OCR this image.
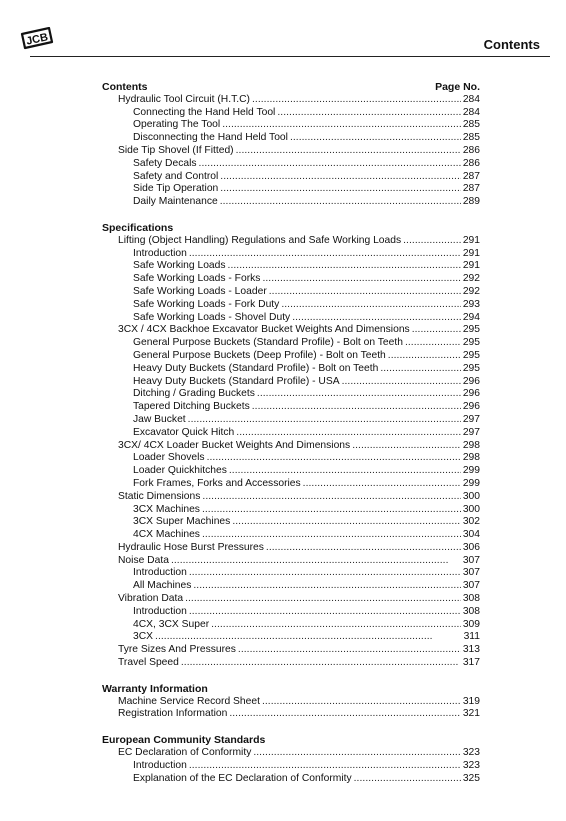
JCB	Contents
Contents	Page No.
Hydraulic Tool Circuit (H.T.C) . . .	284
Connecting the Hand Held Tool . . .	284
Operating The Tool . . .	285
Disconnecting the Hand Held Tool . . .	285
Side Tip Shovel (If Fitted) . . .	286
Safety Decals . . .	286
Safety and Control . . .	287
Side Tip Operation . . .	287
Daily Maintenance . . .	289
Specifications
Lifting (Object Handling) Regulations and Safe Working Loads . . .	291
Introduction . . .	291
Safe Working Loads . . .	291
Safe Working Loads - Forks . . .	292
Safe Working Loads - Loader . . .	292
Safe Working Loads - Fork Duty . . .	293
Safe Working Loads - Shovel Duty . . .	294
3CX / 4CX Backhoe Excavator Bucket Weights And Dimensions . . .	295
General Purpose Buckets (Standard Profile) - Bolt on Teeth . . .	295
General Purpose Buckets (Deep Profile) - Bolt on Teeth . . .	295
Heavy Duty Buckets (Standard Profile) - Bolt on Teeth . . .	295
Heavy Duty Buckets (Standard Profile) - USA . . .	296
Ditching / Grading Buckets . . .	296
Tapered Ditching Buckets . . .	296
Jaw Bucket . . .	297
Excavator Quick Hitch . . .	297
3CX/ 4CX Loader Bucket Weights And Dimensions . . .	298
Loader Shovels . . .	298
Loader Quickhitches . . .	299
Fork Frames, Forks and Accessories . . .	299
Static Dimensions . . .	300
3CX Machines . . .	300
3CX Super Machines . . .	302
4CX Machines . . .	304
Hydraulic Hose Burst Pressures . . .	306
Noise Data . . .	307
Introduction . . .	307
All Machines . . .	307
Vibration Data . . .	308
Introduction . . .	308
4CX, 3CX Super . . .	309
3CX . . .	311
Tyre Sizes And Pressures . . .	313
Travel Speed . . .	317
Warranty Information
Machine Service Record Sheet . . .	319
Registration Information . . .	321
European Community Standards
EC Declaration of Conformity . . .	323
Introduction . . .	323
Explanation of the EC Declaration of Conformity . . .	325
